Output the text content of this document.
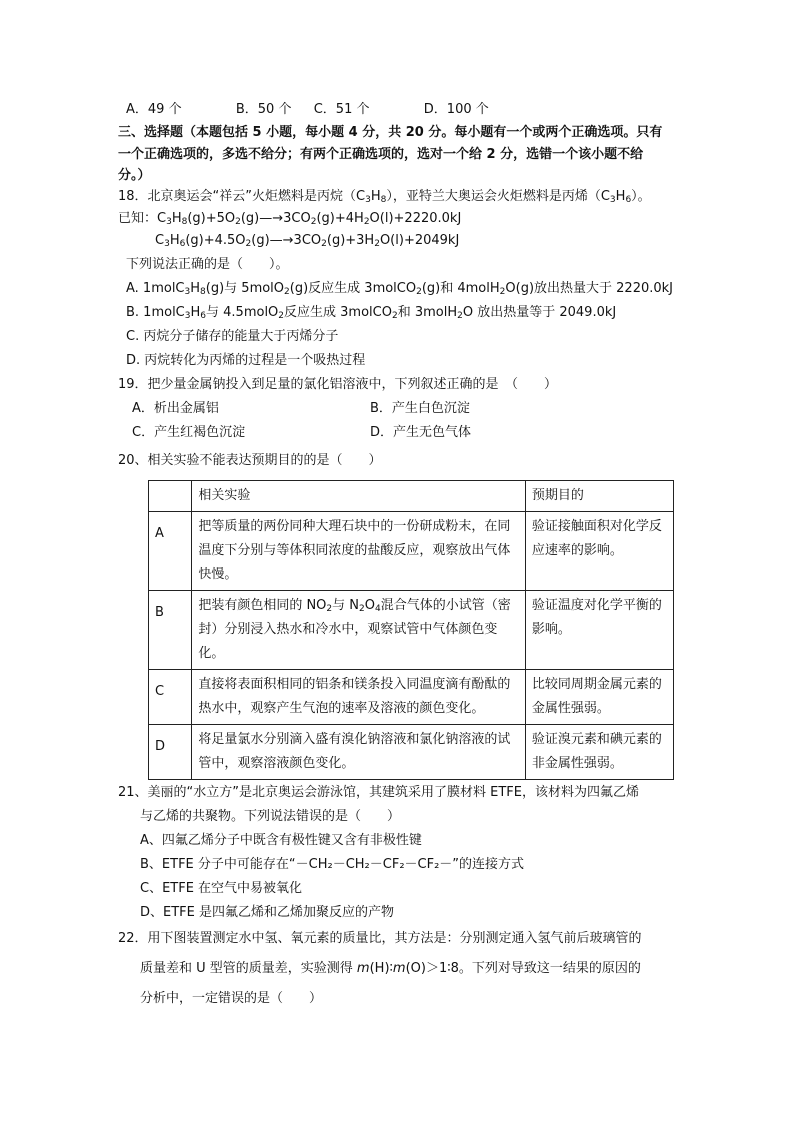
A．49 个	B．50 个 C．51 个	D．100 个
三、选择题（本题包括 5 小题，每小题 4 分，共 20 分。每小题有一个或两个正确选项。只有
一个正确选项的，多选不给分；有两个正确选项的，选对一个给 2 分，选错一个该小题不给
分。）
18．北京奥运会“祥云”火炬燃料是丙烷$(C_3H_8)$，亚特兰大奥运会火炬燃料是丙烯$(C_3H_6)$。
已知：$C_3H_8(g)+5O_2(g)—\to 3CO_2(g)+4H_2O(l)+2220.0kJ$
$C_3H_6(g)+4.5O_2(g)—\to 3CO_2(g)+3H_2O(l)+2049kJ$
下列说法正确的是（　　）。
A. $1molC_3H_8(g)$与 5molO$_2$(g)反应生成 3molCO$_2$(g)和 4molH$_2$O(g)放出热量大于 2220.0kJ
B. $1molC_3H_6$与 4.5molO$_2$反应生成 3molCO$_2$和 3molH$_2$O 放出热量等于 2049.0kJ
C. 丙烷分子储存的能量大于丙烯分子
D. 丙烷转化为丙烯的过程是一个吸热过程
19．把少量金属钠投入到足量的氯化铝溶液中，下列叙述正确的是　（　　）
A．析出金属铝	B．产生白色沉淀
C．产生红褐色沉淀	D．产生无色气体
20、相关实验不能表达预期目的的是（　　）
	相关实验	预期目的
A	把等质量的两份同种大理石块中的一份研成粉末，在同温度下分别与等体积同浓度的盐酸反应，观察放出气体快慢。	验证接触面积对化学反应速率的影响。
B	把装有颜色相同的 $NO_2$与 $N_2O_4$混合气体的小试管（密封）分别浸入热水和冷水中，观察试管中气体颜色变化。	验证温度对化学平衡的影响。
C	直接将表面积相同的铝条和镁条投入同温度滴有酚酞的热水中，观察产生气泡的速率及溶液的颜色变化。	比较同周期金属元素的金属性强弱。
D	将足量氯水分别滴入盛有溴化钠溶液和氯化钠溶液的试管中，观察溶液颜色变化。	验证溴元素和碘元素的非金属性强弱。
21、美丽的“水立方”是北京奥运会游泳馆，其建筑采用了膜材料 ETFE，该材料为四氟乙烯
与乙烯的共聚物。下列说法错误的是（　　）
A、四氟乙烯分子中既含有极性键又含有非极性键
B、ETFE 分子中可能存在“－CH₂－CH₂－CF₂－CF₂－”的连接方式
C、ETFE 在空气中易被氧化
D、ETFE 是四氟乙烯和乙烯加聚反应的产物
22．用下图装置测定水中氢、氧元素的质量比，其方法是：分别测定通入氢气前后玻璃管的
质量差和 U 型管的质量差，实验测得 m(H)∶m(O)＞1∶8。下列对导致这一结果的原因的
分析中，一定错误的是（　　）
